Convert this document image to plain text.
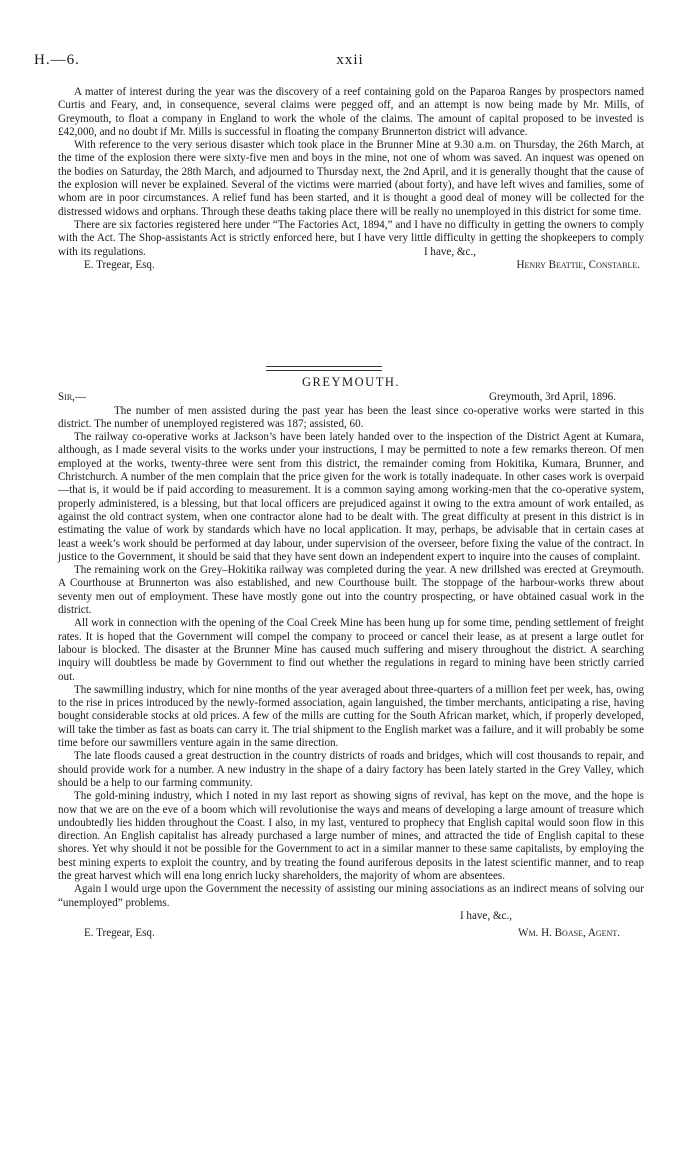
H.—6.	xxii

A matter of interest during the year was the discovery of a reef containing gold on the Paparoa Ranges by prospectors named Curtis and Feary, and, in consequence, several claims were pegged off, and an attempt is now being made by Mr. Mills, of Greymouth, to float a company in England to work the whole of the claims. The amount of capital proposed to be invested is £42,000, and no doubt if Mr. Mills is successful in floating the company Brunnerton district will advance.

With reference to the very serious disaster which took place in the Brunner Mine at 9.30 a.m. on Thursday, the 26th March, at the time of the explosion there were sixty-five men and boys in the mine, not one of whom was saved. An inquest was opened on the bodies on Saturday, the 28th March, and adjourned to Thursday next, the 2nd April, and it is generally thought that the cause of the explosion will never be explained. Several of the victims were married (about forty), and have left wives and families, some of whom are in poor circumstances. A relief fund has been started, and it is thought a good deal of money will be collected for the distressed widows and orphans. Through these deaths taking place there will be really no unemployed in this district for some time.

There are six factories registered here under “The Factories Act, 1894,” and I have no difficulty in getting the owners to comply with the Act. The Shop-assistants Act is strictly enforced here, but I have very little difficulty in getting the shopkeepers to comply with its regulations.	I have, &c.,
E. Tregear, Esq.	Henry Beattie, Constable.

GREYMOUTH.

Sir,—	Greymouth, 3rd April, 1896.

The number of men assisted during the past year has been the least since co-operative works were started in this district. The number of unemployed registered was 187; assisted, 60.

The railway co-operative works at Jackson’s have been lately handed over to the inspection of the District Agent at Kumara, although, as I made several visits to the works under your instructions, I may be permitted to note a few remarks thereon. Of men employed at the works, twenty-three were sent from this district, the remainder coming from Hokitika, Kumara, Brunner, and Christchurch. A number of the men complain that the price given for the work is totally inadequate. In other cases work is overpaid—that is, it would be if paid according to measurement. It is a common saying among working-men that the co-operative system, properly administered, is a blessing, but that local officers are prejudiced against it owing to the extra amount of work entailed, as against the old contract system, when one contractor alone had to be dealt with. The great difficulty at present in this district is in estimating the value of work by standards which have no local application. It may, perhaps, be advisable that in certain cases at least a week’s work should be performed at day labour, under supervision of the overseer, before fixing the value of the contract. In justice to the Government, it should be said that they have sent down an independent expert to inquire into the causes of complaint.

The remaining work on the Grey–Hokitika railway was completed during the year. A new drillshed was erected at Greymouth. A Courthouse at Brunnerton was also established, and new Courthouse built. The stoppage of the harbour-works threw about seventy men out of employment. These have mostly gone out into the country prospecting, or have obtained casual work in the district.

All work in connection with the opening of the Coal Creek Mine has been hung up for some time, pending settlement of freight rates. It is hoped that the Government will compel the company to proceed or cancel their lease, as at present a large outlet for labour is blocked. The disaster at the Brunner Mine has caused much suffering and misery throughout the district. A searching inquiry will doubtless be made by Government to find out whether the regulations in regard to mining have been strictly carried out.

The sawmilling industry, which for nine months of the year averaged about three-quarters of a million feet per week, has, owing to the rise in prices introduced by the newly-formed association, again languished, the timber merchants, anticipating a rise, having bought considerable stocks at old prices. A few of the mills are cutting for the South African market, which, if properly developed, will take the timber as fast as boats can carry it. The trial shipment to the English market was a failure, and it will probably be some time before our sawmillers venture again in the same direction.

The late floods caused a great destruction in the country districts of roads and bridges, which will cost thousands to repair, and should provide work for a number. A new industry in the shape of a dairy factory has been lately started in the Grey Valley, which should be a help to our farming community.

The gold-mining industry, which I noted in my last report as showing signs of revival, has kept on the move, and the hope is now that we are on the eve of a boom which will revolutionise the ways and means of developing a large amount of treasure which undoubtedly lies hidden throughout the Coast. I also, in my last, ventured to prophecy that English capital would soon flow in this direction. An English capitalist has already purchased a large number of mines, and attracted the tide of English capital to these shores. Yet why should it not be possible for the Government to act in a similar manner to these same capitalists, by employing the best mining experts to exploit the country, and by treating the found auriferous deposits in the latest scientific manner, and to reap the great harvest which will ena long enrich lucky shareholders, the majority of whom are absentees.

Again I would urge upon the Government the necessity of assisting our mining associations as an indirect means of solving our “unemployed” problems.

I have, &c.,
E. Tregear, Esq.	Wm. H. Boase, Agent.
